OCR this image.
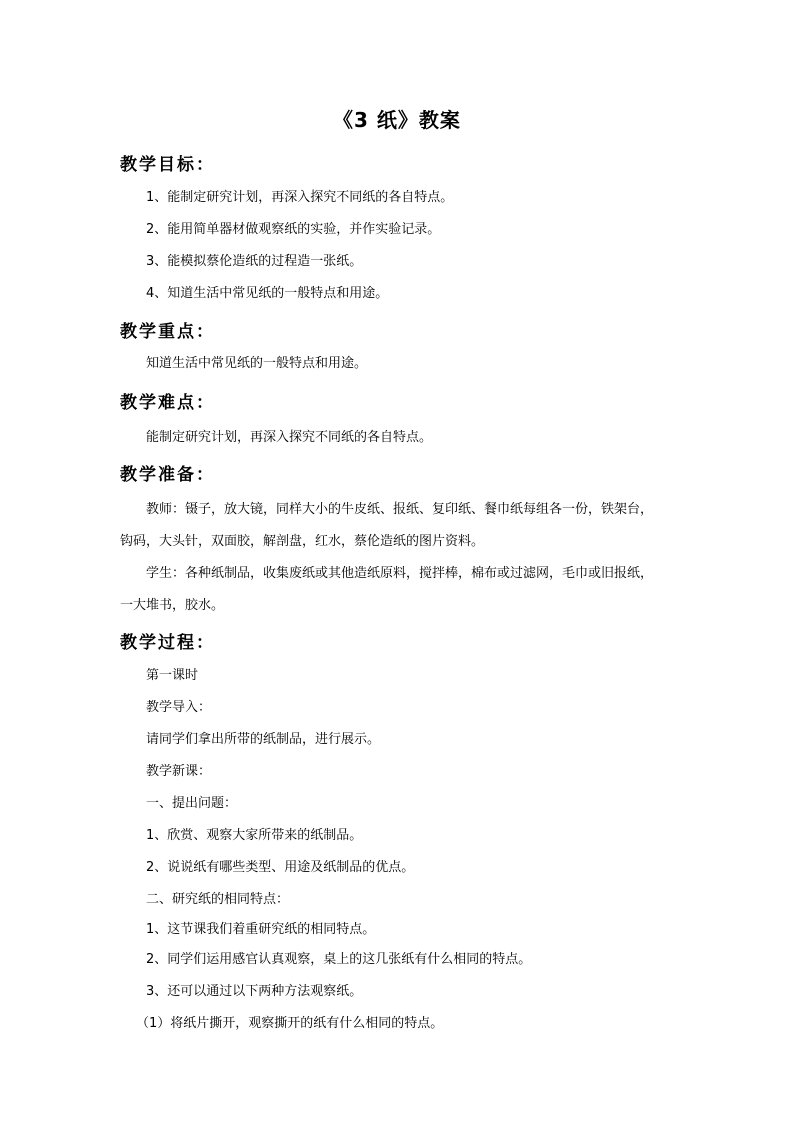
《3 纸》教案
教学目标：
1、能制定研究计划，再深入探究不同纸的各自特点。
2、能用简单器材做观察纸的实验，并作实验记录。
3、能模拟蔡伦造纸的过程造一张纸。
4、知道生活中常见纸的一般特点和用途。
教学重点：
知道生活中常见纸的一般特点和用途。
教学难点：
能制定研究计划，再深入探究不同纸的各自特点。
教学准备：
教师：镊子，放大镜，同样大小的牛皮纸、报纸、复印纸、餐巾纸每组各一份，铁架台，
钩码，大头针，双面胶，解剖盘，红水，蔡伦造纸的图片资料。
学生：各种纸制品，收集废纸或其他造纸原料，搅拌棒，棉布或过滤网，毛巾或旧报纸，
一大堆书，胶水。
教学过程：
第一课时
教学导入：
请同学们拿出所带的纸制品，进行展示。
教学新课：
一、提出问题：
1、欣赏、观察大家所带来的纸制品。
2、说说纸有哪些类型、用途及纸制品的优点。
二、研究纸的相同特点：
1、这节课我们着重研究纸的相同特点。
2、同学们运用感官认真观察，桌上的这几张纸有什么相同的特点。
3、还可以通过以下两种方法观察纸。
（1）将纸片撕开，观察撕开的纸有什么相同的特点。
